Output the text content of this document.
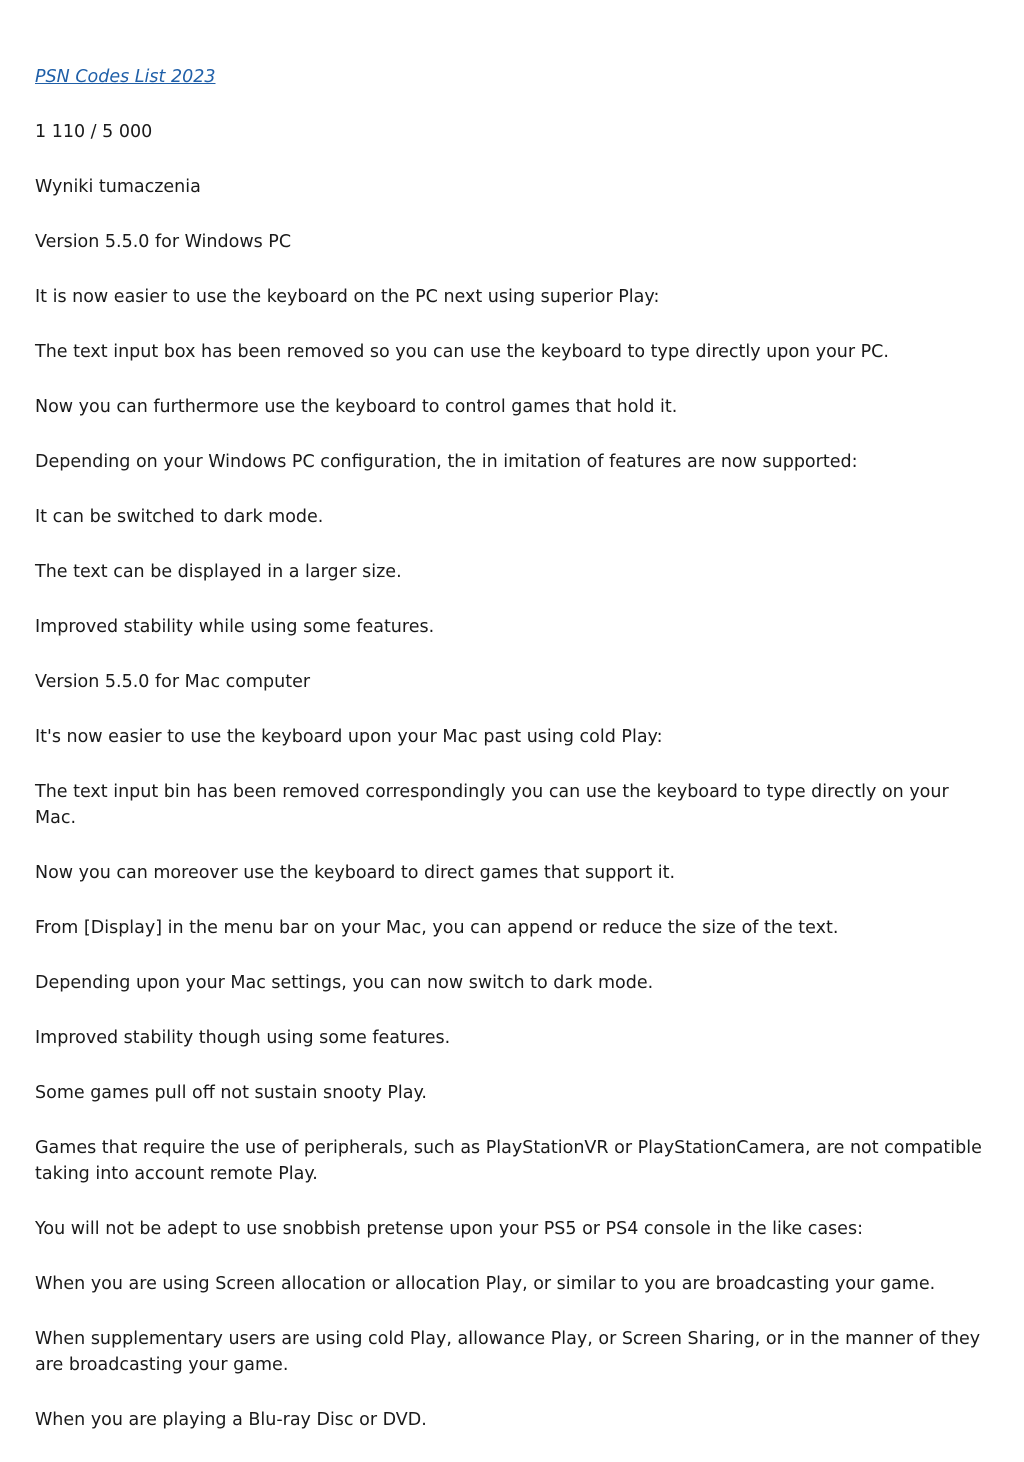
PSN Codes List 2023

1 110 / 5 000

Wyniki tumaczenia

Version 5.5.0 for Windows PC

It is now easier to use the keyboard on the PC next using superior Play:

The text input box has been removed so you can use the keyboard to type directly upon your PC.

Now you can furthermore use the keyboard to control games that hold it.

Depending on your Windows PC configuration, the in imitation of features are now supported:

It can be switched to dark mode.

The text can be displayed in a larger size.

Improved stability while using some features.

Version 5.5.0 for Mac computer

It's now easier to use the keyboard upon your Mac past using cold Play:

The text input bin has been removed correspondingly you can use the keyboard to type directly on your Mac.

Now you can moreover use the keyboard to direct games that support it.

From [Display] in the menu bar on your Mac, you can append or reduce the size of the text.

Depending upon your Mac settings, you can now switch to dark mode.

Improved stability though using some features.

Some games pull off not sustain snooty Play.

Games that require the use of peripherals, such as PlayStationVR or PlayStationCamera, are not compatible taking into account remote Play.

You will not be adept to use snobbish pretense upon your PS5 or PS4 console in the like cases:

When you are using Screen allocation or allocation Play, or similar to you are broadcasting your game.

When supplementary users are using cold Play, allowance Play, or Screen Sharing, or in the manner of they are broadcasting your game.

When you are playing a Blu-ray Disc or DVD.
